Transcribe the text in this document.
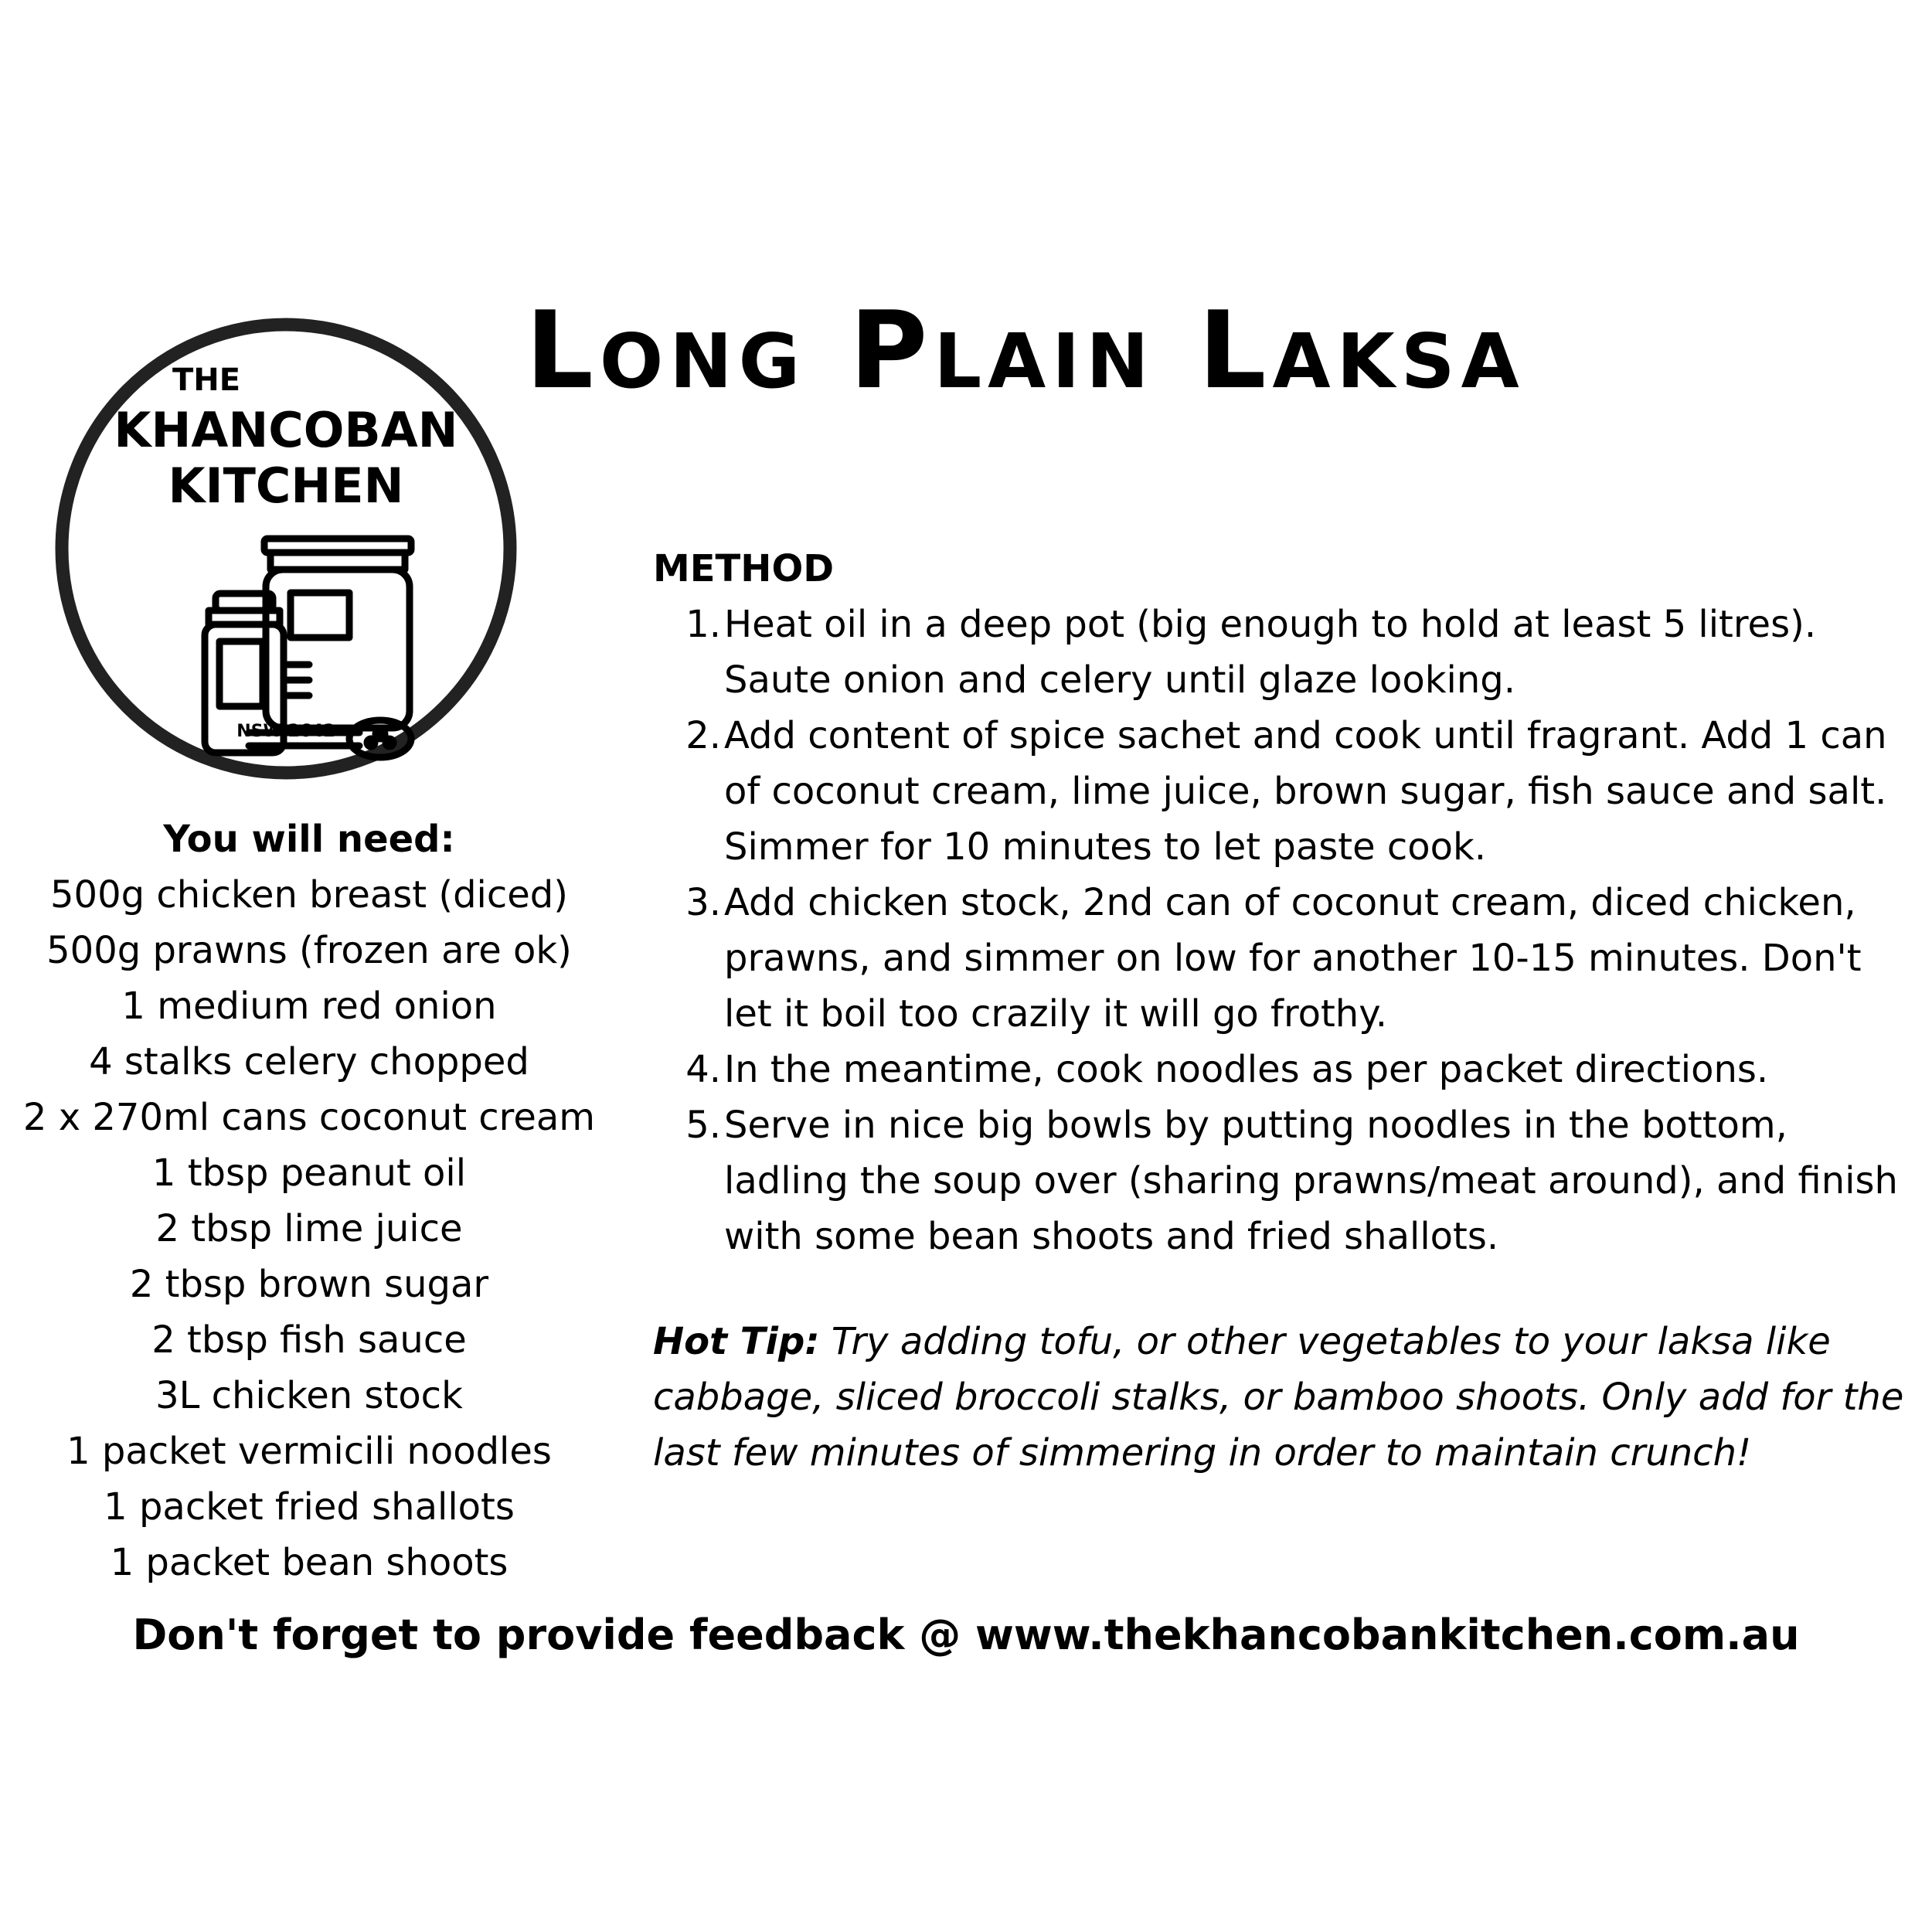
THE
KHANCOBAN
KITCHEN
NSW 2642
Long Plain Laksa
You will need:
500g chicken breast (diced)
500g prawns (frozen are ok)
1 medium red onion
4 stalks celery chopped
2 x 270ml cans coconut cream
1 tbsp peanut oil
2 tbsp lime juice
2 tbsp brown sugar
2 tbsp fish sauce
3L chicken stock
1 packet vermicili noodles
1 packet fried shallots
1 packet bean shoots
METHOD
1. Heat oil in a deep pot (big enough to hold at least 5 litres). Saute onion and celery until glaze looking.
2. Add content of spice sachet and cook until fragrant. Add 1 can of coconut cream, lime juice, brown sugar, fish sauce and salt. Simmer for 10 minutes to let paste cook.
3. Add chicken stock, 2nd can of coconut cream, diced chicken, prawns, and simmer on low for another 10-15 minutes. Don't let it boil too crazily it will go frothy.
4. In the meantime, cook noodles as per packet directions.
5. Serve in nice big bowls by putting noodles in the bottom, ladling the soup over (sharing prawns/meat around), and finish with some bean shoots and fried shallots.
Hot Tip: Try adding tofu, or other vegetables to your laksa like cabbage, sliced broccoli stalks, or bamboo shoots. Only add for the last few minutes of simmering in order to maintain crunch!
Don't forget to provide feedback @ www.thekhancobankitchen.com.au
